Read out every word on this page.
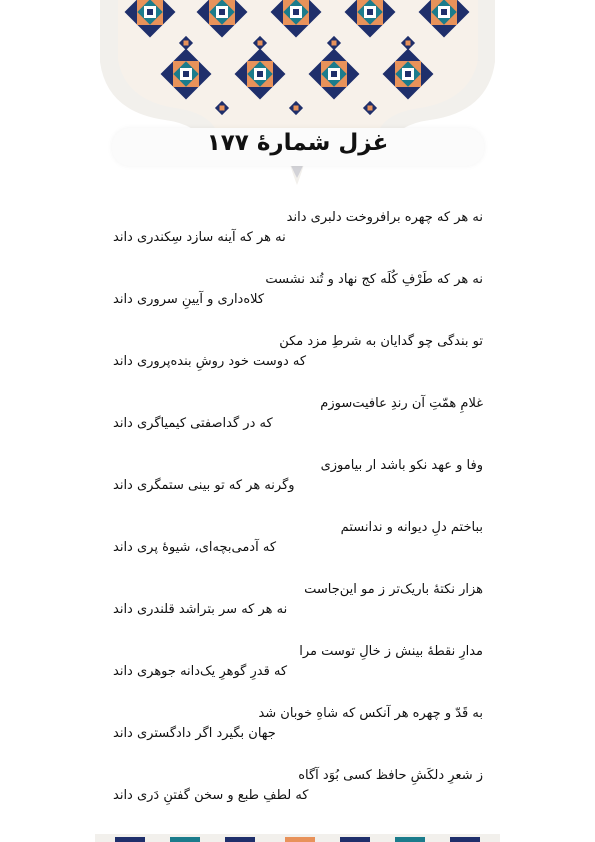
غزل شمارهٔ ۱۷۷
نه هر که چهره برافروخت دلبری داند
نه هر که آینه سازد سِکندری داند
نه هر که طَرْفِ کُلَه کج نهاد و تُند نشست
کلاه‌داری و آیینِ سروری داند
تو بندگی چو گدایان به شرطِ مزد مکن
که دوست خود روشِ بنده‌پروری داند
غلامِ همّتِ آن رندِ عافیت‌سوزم
که در گداصفتی کیمیاگری داند
وفا و عهد نکو باشد ار بیاموزی
وگرنه هر که تو بینی ستمگری داند
بباختم دلِ دیوانه و ندانستم
که آدمی‌بچه‌ای، شیوهٔ پری داند
هزار نکتهٔ باریک‌تر ز مو این‌جاست
نه هر که سر بتراشد قلندری داند
مدارِ نقطهٔ بینش ز خالِ توست مرا
که قدرِ گوهرِ یک‌دانه جوهری داند
به قَدّ و چهره هر آنکس که شاهِ خوبان شد
جهان بگیرد اگر دادگستری داند
ز شعرِ دلکَشِ حافظ کسی بُوَد آگاه
که لطفِ طبع و سخن گفتنِ دَری داند
